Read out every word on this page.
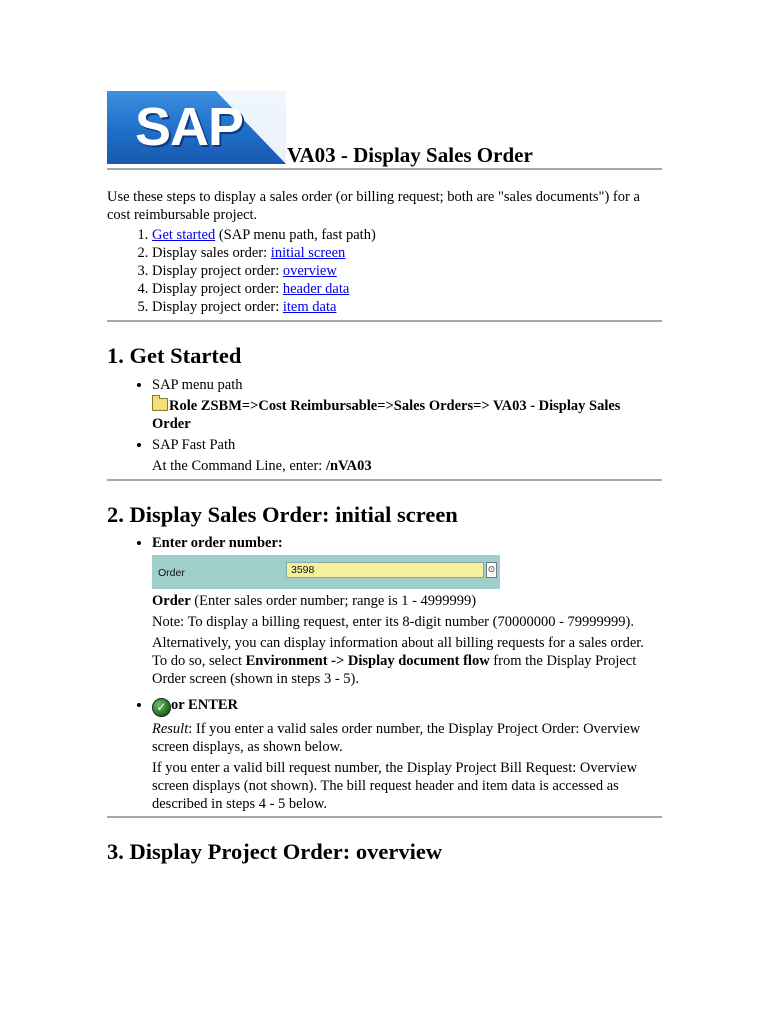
SAP VA03 - Display Sales Order
Use these steps to display a sales order (or billing request; both are "sales documents") for a cost reimbursable project.
1. Get started (SAP menu path, fast path)
2. Display sales order: initial screen
3. Display project order: overview
4. Display project order: header data
5. Display project order: item data
1. Get Started
• SAP menu path
Role ZSBM=>Cost Reimbursable=>Sales Orders=> VA03 - Display Sales Order
• SAP Fast Path
At the Command Line, enter: /nVA03
2. Display Sales Order: initial screen
• Enter order number:
Order	3598	⊙

Order (Enter sales order number; range is 1 - 4999999)

Note: To display a billing request, enter its 8-digit number (70000000 - 79999999).

Alternatively, you can display information about all billing requests for a sales order. To do so, select Environment -> Display document flow from the Display Project Order screen (shown in steps 3 - 5).

• ✓ or ENTER

Result: If you enter a valid sales order number, the Display Project Order: Overview screen displays, as shown below.

If you enter a valid bill request number, the Display Project Bill Request: Overview screen displays (not shown). The bill request header and item data is accessed as described in steps 4 - 5 below.

3. Display Project Order: overview
